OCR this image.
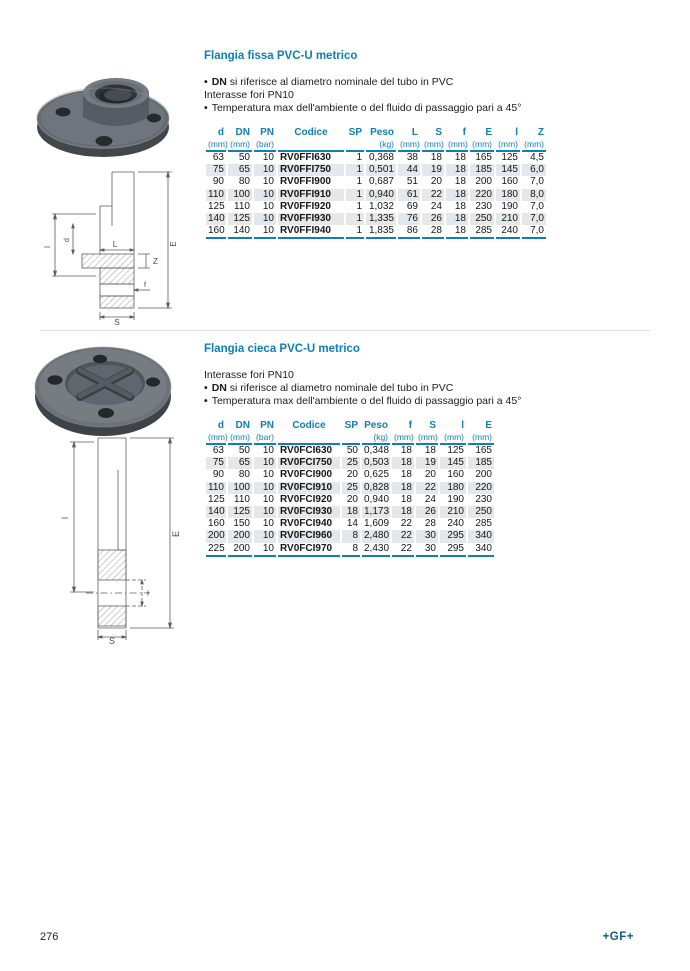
l
d	L
Z
E
f
S
Flangia fissa PVC-U metrico
• DN si riferisce al diametro nominale del tubo in PVC
Interasse fori PN10
• Temperatura max dell'ambiente o del fluido di passaggio pari a 45°
d	DN	PN	Codice	SP	Peso	L	S	f	E	l	Z
(mm)	(mm)	(bar)			(kg)	(mm)	(mm)	(mm)	(mm)	(mm)	(mm)
63	50	10	RV0FFI630	1	0,368	38	18	18	165	125	4,5
75	65	10	RV0FFI750	1	0,501	44	19	18	185	145	6,0
90	80	10	RV0FFI900	1	0,687	51	20	18	200	160	7,0
110	100	10	RV0FFI910	1	0,940	61	22	18	220	180	8,0
125	110	10	RV0FFI920	1	1,032	69	24	18	230	190	7,0
140	125	10	RV0FFI930	1	1,335	76	26	18	250	210	7,0
160	140	10	RV0FFI940	1	1,835	86	28	18	285	240	7,0
l
E
f
S
Flangia cieca PVC-U metrico
Interasse fori PN10
• DN si riferisce al diametro nominale del tubo in PVC
• Temperatura max dell'ambiente o del fluido di passaggio pari a 45°
d	DN	PN	Codice	SP	Peso	f	S	l	E
(mm)	(mm)	(bar)			(kg)	(mm)	(mm)	(mm)	(mm)
63	50	10	RV0FCI630	50	0,348	18	18	125	165
75	65	10	RV0FCI750	25	0,503	18	19	145	185
90	80	10	RV0FCI900	20	0,625	18	20	160	200
110	100	10	RV0FCI910	25	0,828	18	22	180	220
125	110	10	RV0FCI920	20	0,940	18	24	190	230
140	125	10	RV0FCI930	18	1,173	18	26	210	250
160	150	10	RV0FCI940	14	1,609	22	28	240	285
200	200	10	RV0FCI960	8	2,480	22	30	295	340
225	200	10	RV0FCI970	8	2,430	22	30	295	340
276	+GF+
